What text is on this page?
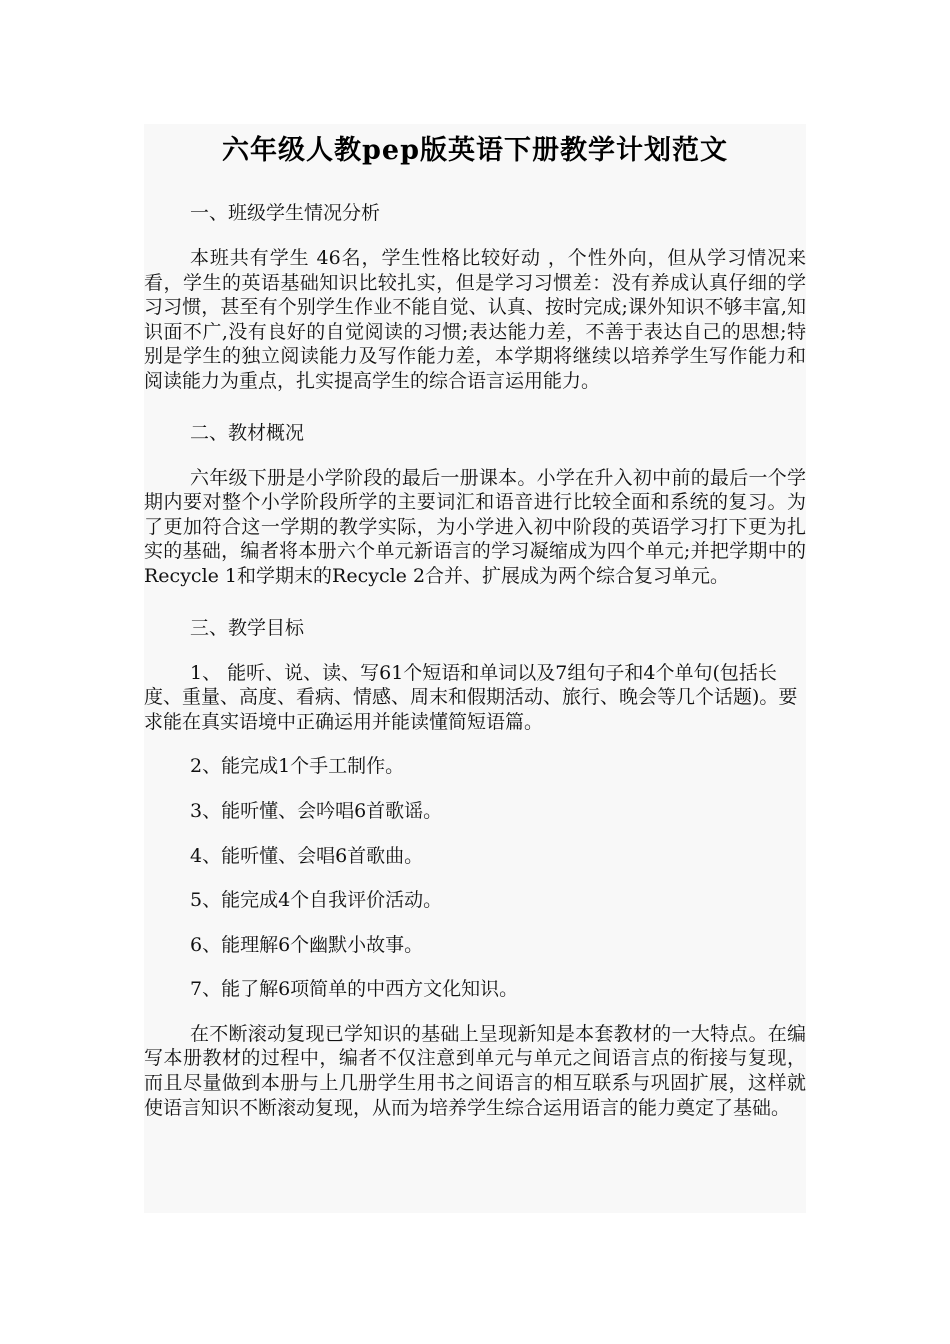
六年级人教pep版英语下册教学计划范文
一、班级学生情况分析

本班共有学生 46名，学生性格比较好动 ，个性外向，但从学习情况来看，学生的英语基础知识比较扎实，但是学习习惯差：没有养成认真仔细的学习习惯，甚至有个别学生作业不能自觉、认真、按时完成;课外知识不够丰富,知识面不广,没有良好的自觉阅读的习惯;表达能力差，不善于表达自己的思想;特别是学生的独立阅读能力及写作能力差，本学期将继续以培养学生写作能力和阅读能力为重点，扎实提高学生的综合语言运用能力。

二、教材概况

六年级下册是小学阶段的最后一册课本。小学在升入初中前的最后一个学期内要对整个小学阶段所学的主要词汇和语音进行比较全面和系统的复习。为了更加符合这一学期的教学实际，为小学进入初中阶段的英语学习打下更为扎实的基础，编者将本册六个单元新语言的学习凝缩成为四个单元;并把学期中的Recycle 1和学期末的Recycle 2合并、扩展成为两个综合复习单元。

三、教学目标

1、 能听、说、读、写61个短语和单词以及7组句子和4个单句(包括长度、重量、高度、看病、情感、周末和假期活动、旅行、晚会等几个话题)。要求能在真实语境中正确运用并能读懂简短语篇。

2、能完成1个手工制作。

3、能听懂、会吟唱6首歌谣。

4、能听懂、会唱6首歌曲。

5、能完成4个自我评价活动。

6、能理解6个幽默小故事。

7、能了解6项简单的中西方文化知识。

在不断滚动复现已学知识的基础上呈现新知是本套教材的一大特点。在编写本册教材的过程中，编者不仅注意到单元与单元之间语言点的衔接与复现，而且尽量做到本册与上几册学生用书之间语言的相互联系与巩固扩展，这样就使语言知识不断滚动复现，从而为培养学生综合运用语言的能力奠定了基础。
